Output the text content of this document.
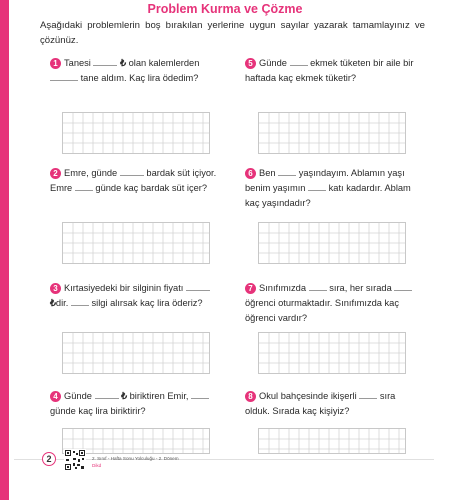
Problem Kurma ve Çözme
Aşağıdaki problemlerin boş bırakılan yerlerine uygun sayılar yazarak tamamlayınız ve çözünüz.
1 Tanesi	₺ olan kalemlerden  tane aldım. Kaç lira ödedim?
5 Günde ekmek tüketen bir aile bir haftada kaç ekmek tüketir?
2 Emre, günde	bardak süt içiyor. Emre günde kaç bardak süt içer?
6 Ben yaşındayım. Ablamın yaşı benim yaşımın katı kadardır. Ablam kaç yaşındadır?
3 Kırtasiyedeki bir silginin fiyatı  ₺dir. silgi alırsak kaç lira öderiz?
7 Sınıfımızda sıra, her sırada  öğrenci oturmaktadır. Sınıfımızda kaç öğrenci vardır?
4 Günde	₺ biriktiren Emir,  günde kaç lira biriktirir?
8 Okul bahçesinde ikişerli sıra olduk. Sırada kaç kişiyiz?
2	2. Sınıf - Hafta Sonu Yolculuğu - 2. Dönem
Dikd
